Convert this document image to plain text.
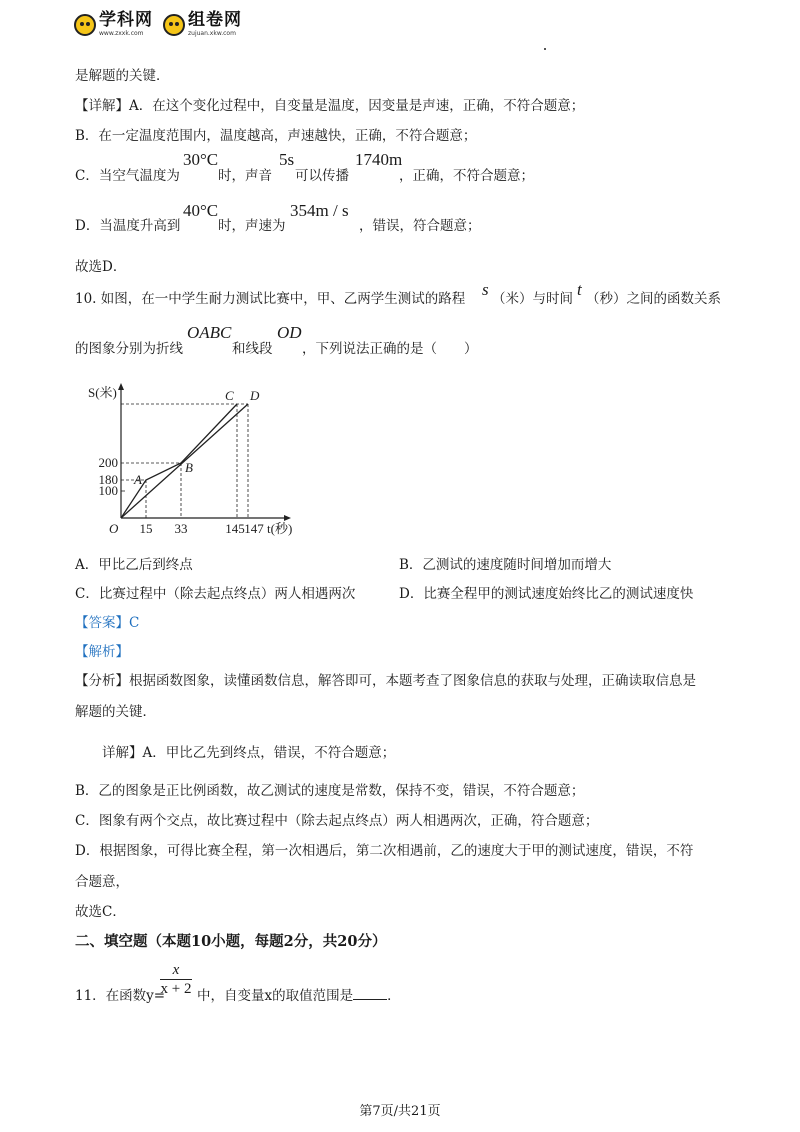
学科网
www.zxxk.com
组卷网
zujuan.xkw.com
是解题的关键．
【详解】A．在这个变化过程中，自变量是温度，因变量是声速，正确，不符合题意；
B．在一定温度范围内，温度越高，声速越快，正确，不符合题意；
C．当空气温度为
30°C
时，声音
5s
可以传播
1740m
，正确，不符合题意；
D．当温度升高到
40°C
时，声速为
354m / s
，错误，符合题意；
故选D．
10. 如图，在一中学生耐力测试比赛中，甲、乙两学生测试的路程 s （米）与时间 t （秒）之间的函数关系
的图象分别为折线
OABC
和线段
OD
，下列说法正确的是（　　）
A
B
C D
15 33	145 147
100
180
200
O
S(米)
t(秒)
A．甲比乙后到终点	B．乙测试的速度随时间增加而增大
C．比赛过程中（除去起点终点）两人相遇两次	D．比赛全程甲的测试速度始终比乙的测试速度快
【答案】C
【解析】
【分析】根据函数图象，读懂函数信息，解答即可，本题考查了图象信息的获取与处理，正确读取信息是
解题的关键．
详解】A．甲比乙先到终点，错误，不符合题意；
B．乙的图象是正比例函数，故乙测试的速度是常数，保持不变，错误，不符合题意；
C．图象有两个交点，故比赛过程中（除去起点终点）两人相遇两次，正确，符合题意；
D．根据图象，可得比赛全程，第一次相遇后，第二次相遇前，乙的速度大于甲的测试速度，错误，不符
合题意，
故选C．
二、填空题（本题10小题，每题2分，共20分）
11．在函数y=
x
x + 2 中，自变量x的取值范围是	．
第7页/共21页
